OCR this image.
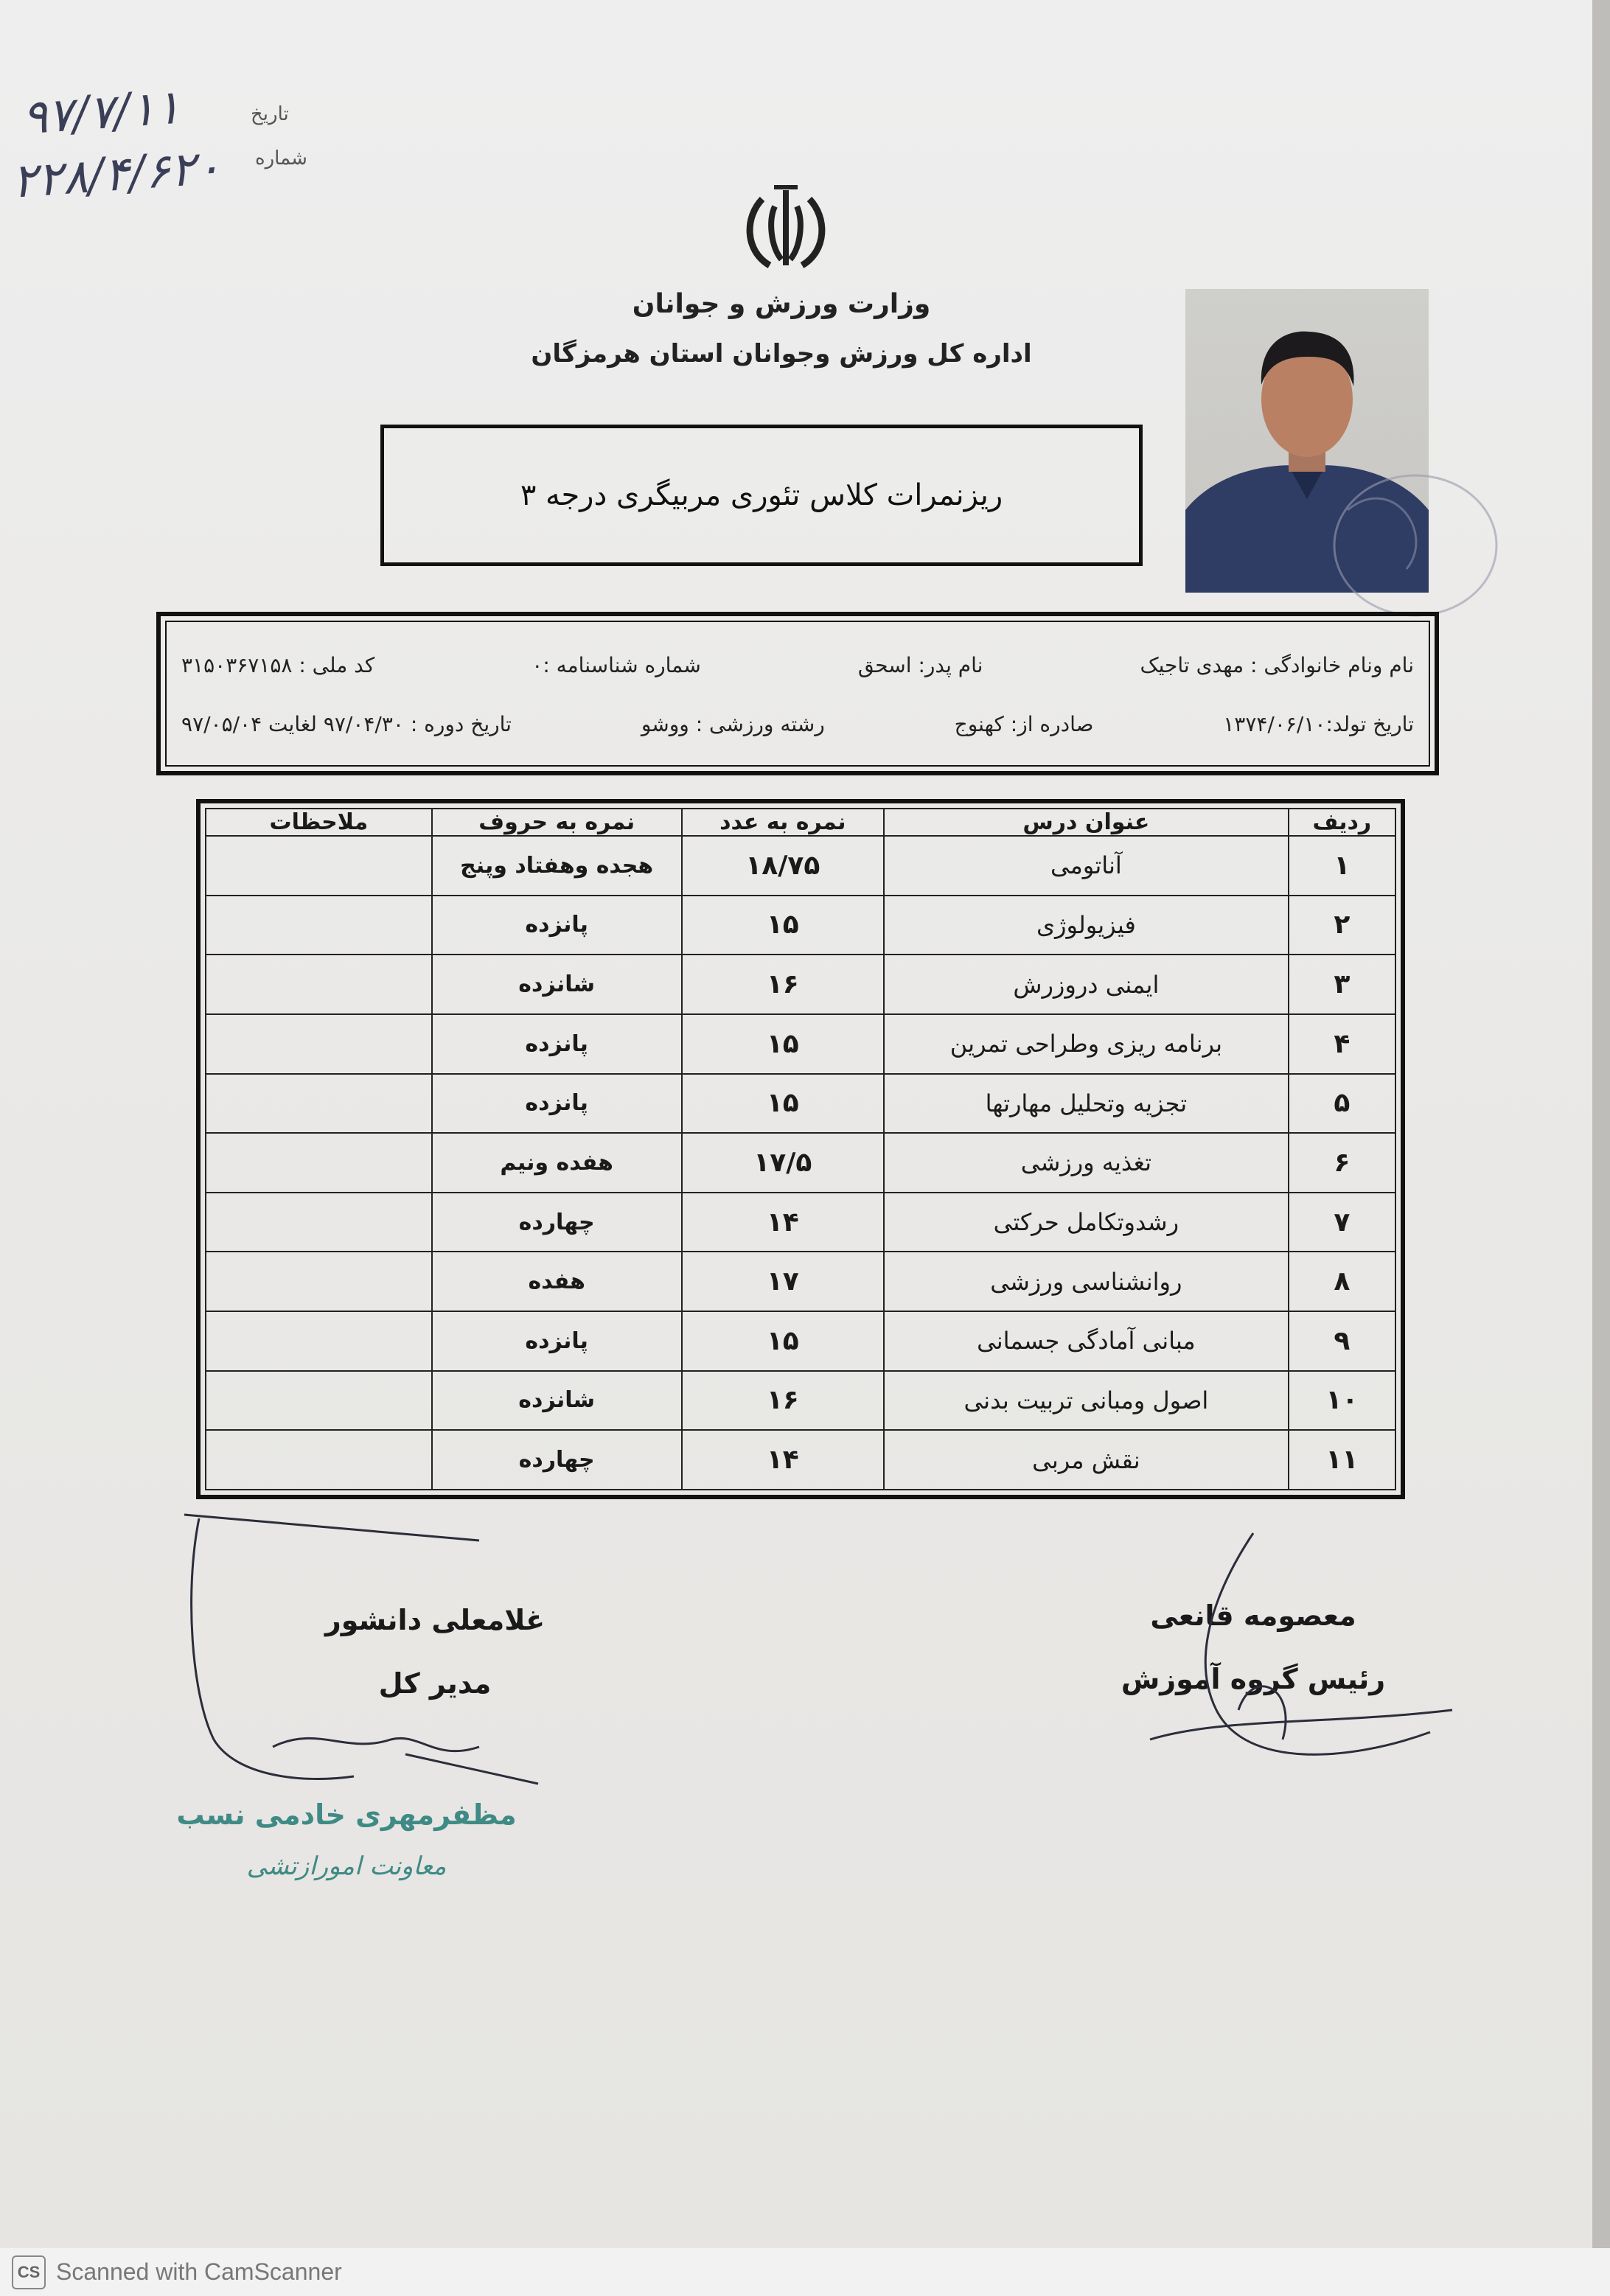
تاریخ
شماره
۹۷/۷/۱۱
۲۲۸/۴/۶۲۰
وزارت ورزش و جوانان
اداره کل ورزش وجوانان استان هرمزگان
ریزنمرات کلاس تئوری مربیگری درجه ۳
نام ونام خانوادگی : مهدی تاجیک
نام پدر: اسحق
شماره شناسنامه :۰
کد ملی : ۳۱۵۰۳۶۷۱۵۸
تاریخ تولد:۱۳۷۴/۰۶/۱۰
صادره از: کهنوج
رشته ورزشی : ووشو
تاریخ دوره : ۹۷/۰۴/۳۰ لغایت ۹۷/۰۵/۰۴
ردیف	عنوان درس	نمره به عدد	نمره به حروف	ملاحظات
۱	آناتومی	۱۸/۷۵	هجده وهفتاد وپنج	
۲	فیزیولوژی	۱۵	پانزده	
۳	ایمنی دروزرش	۱۶	شانزده	
۴	برنامه ریزی وطراحی تمرین	۱۵	پانزده	
۵	تجزیه وتحلیل مهارتها	۱۵	پانزده	
۶	تغذیه ورزشی	۱۷/۵	هفده ونیم	
۷	رشدوتکامل حرکتی	۱۴	چهارده	
۸	روانشناسی ورزشی	۱۷	هفده	
۹	مبانی آمادگی جسمانی	۱۵	پانزده	
۱۰	اصول ومبانی تربیت بدنی	۱۶	شانزده	
۱۱	نقش مربی	۱۴	چهارده	
غلامعلی دانشور
مدیر کل
معصومه قانعی
رئیس گروه آموزش
مظفرمهری خادمی نسب
معاونت امورازتشی
CS Scanned with CamScanner
